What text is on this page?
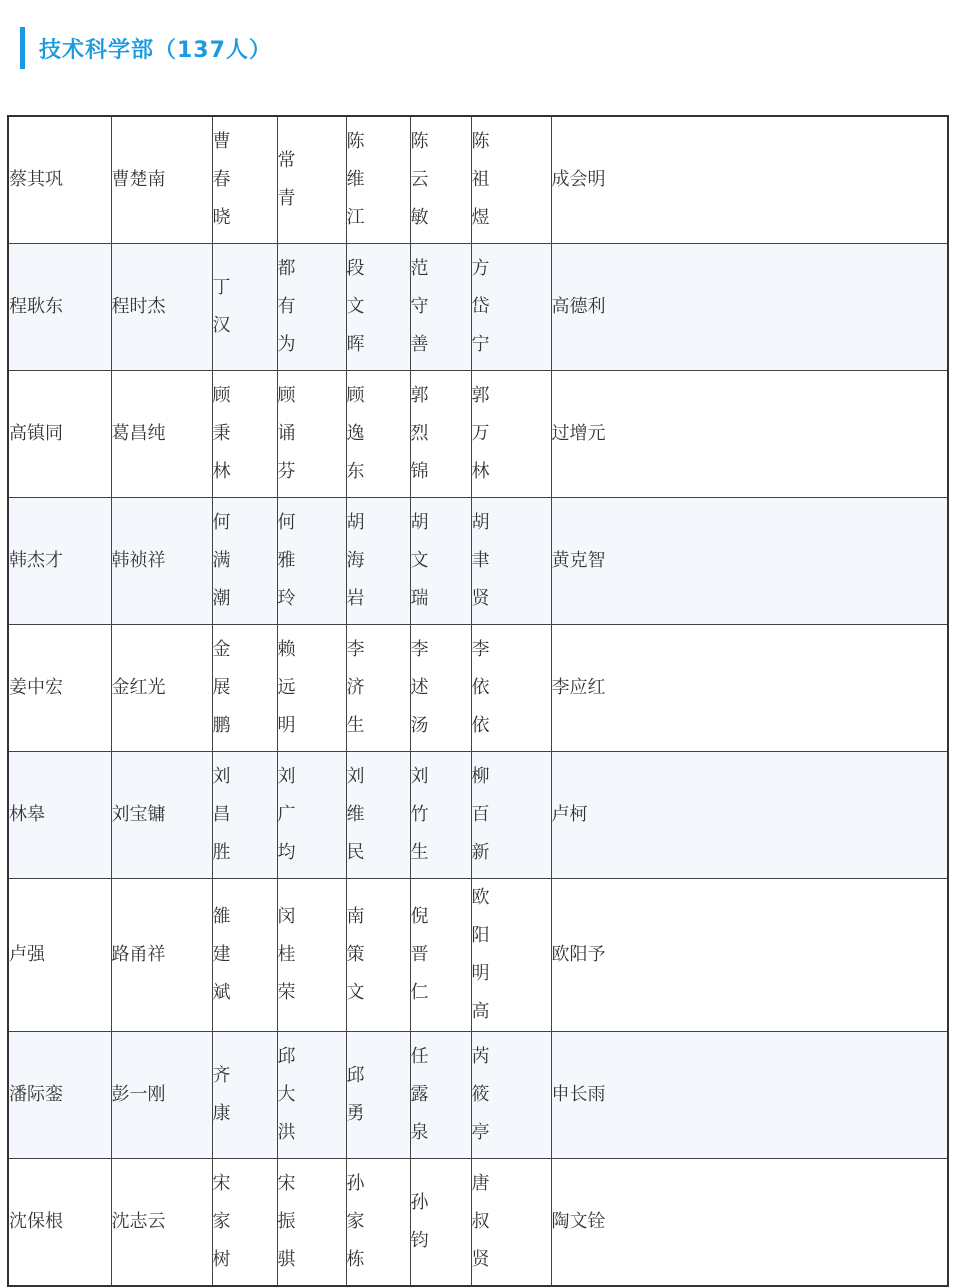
技术科学部（137人）
蔡其巩	曹楚南	曹春晓	常青	陈维江	陈云敏	陈祖煜	成会明
程耿东	程时杰	丁汉	都有为	段文晖	范守善	方岱宁	高德利
高镇同	葛昌纯	顾秉林	顾诵芬	顾逸东	郭烈锦	郭万林	过增元
韩杰才	韩祯祥	何满潮	何雅玲	胡海岩	胡文瑞	胡聿贤	黄克智
姜中宏	金红光	金展鹏	赖远明	李济生	李述汤	李依依	李应红
林皋	刘宝镛	刘昌胜	刘广均	刘维民	刘竹生	柳百新	卢柯
卢强	路甬祥	雒建斌	闵桂荣	南策文	倪晋仁	欧阳明高	欧阳予
潘际銮	彭一刚	齐康	邱大洪	邱勇	任露泉	芮筱亭	申长雨
沈保根	沈志云	宋家树	宋振骐	孙家栋	孙钧	唐叔贤	陶文铨
